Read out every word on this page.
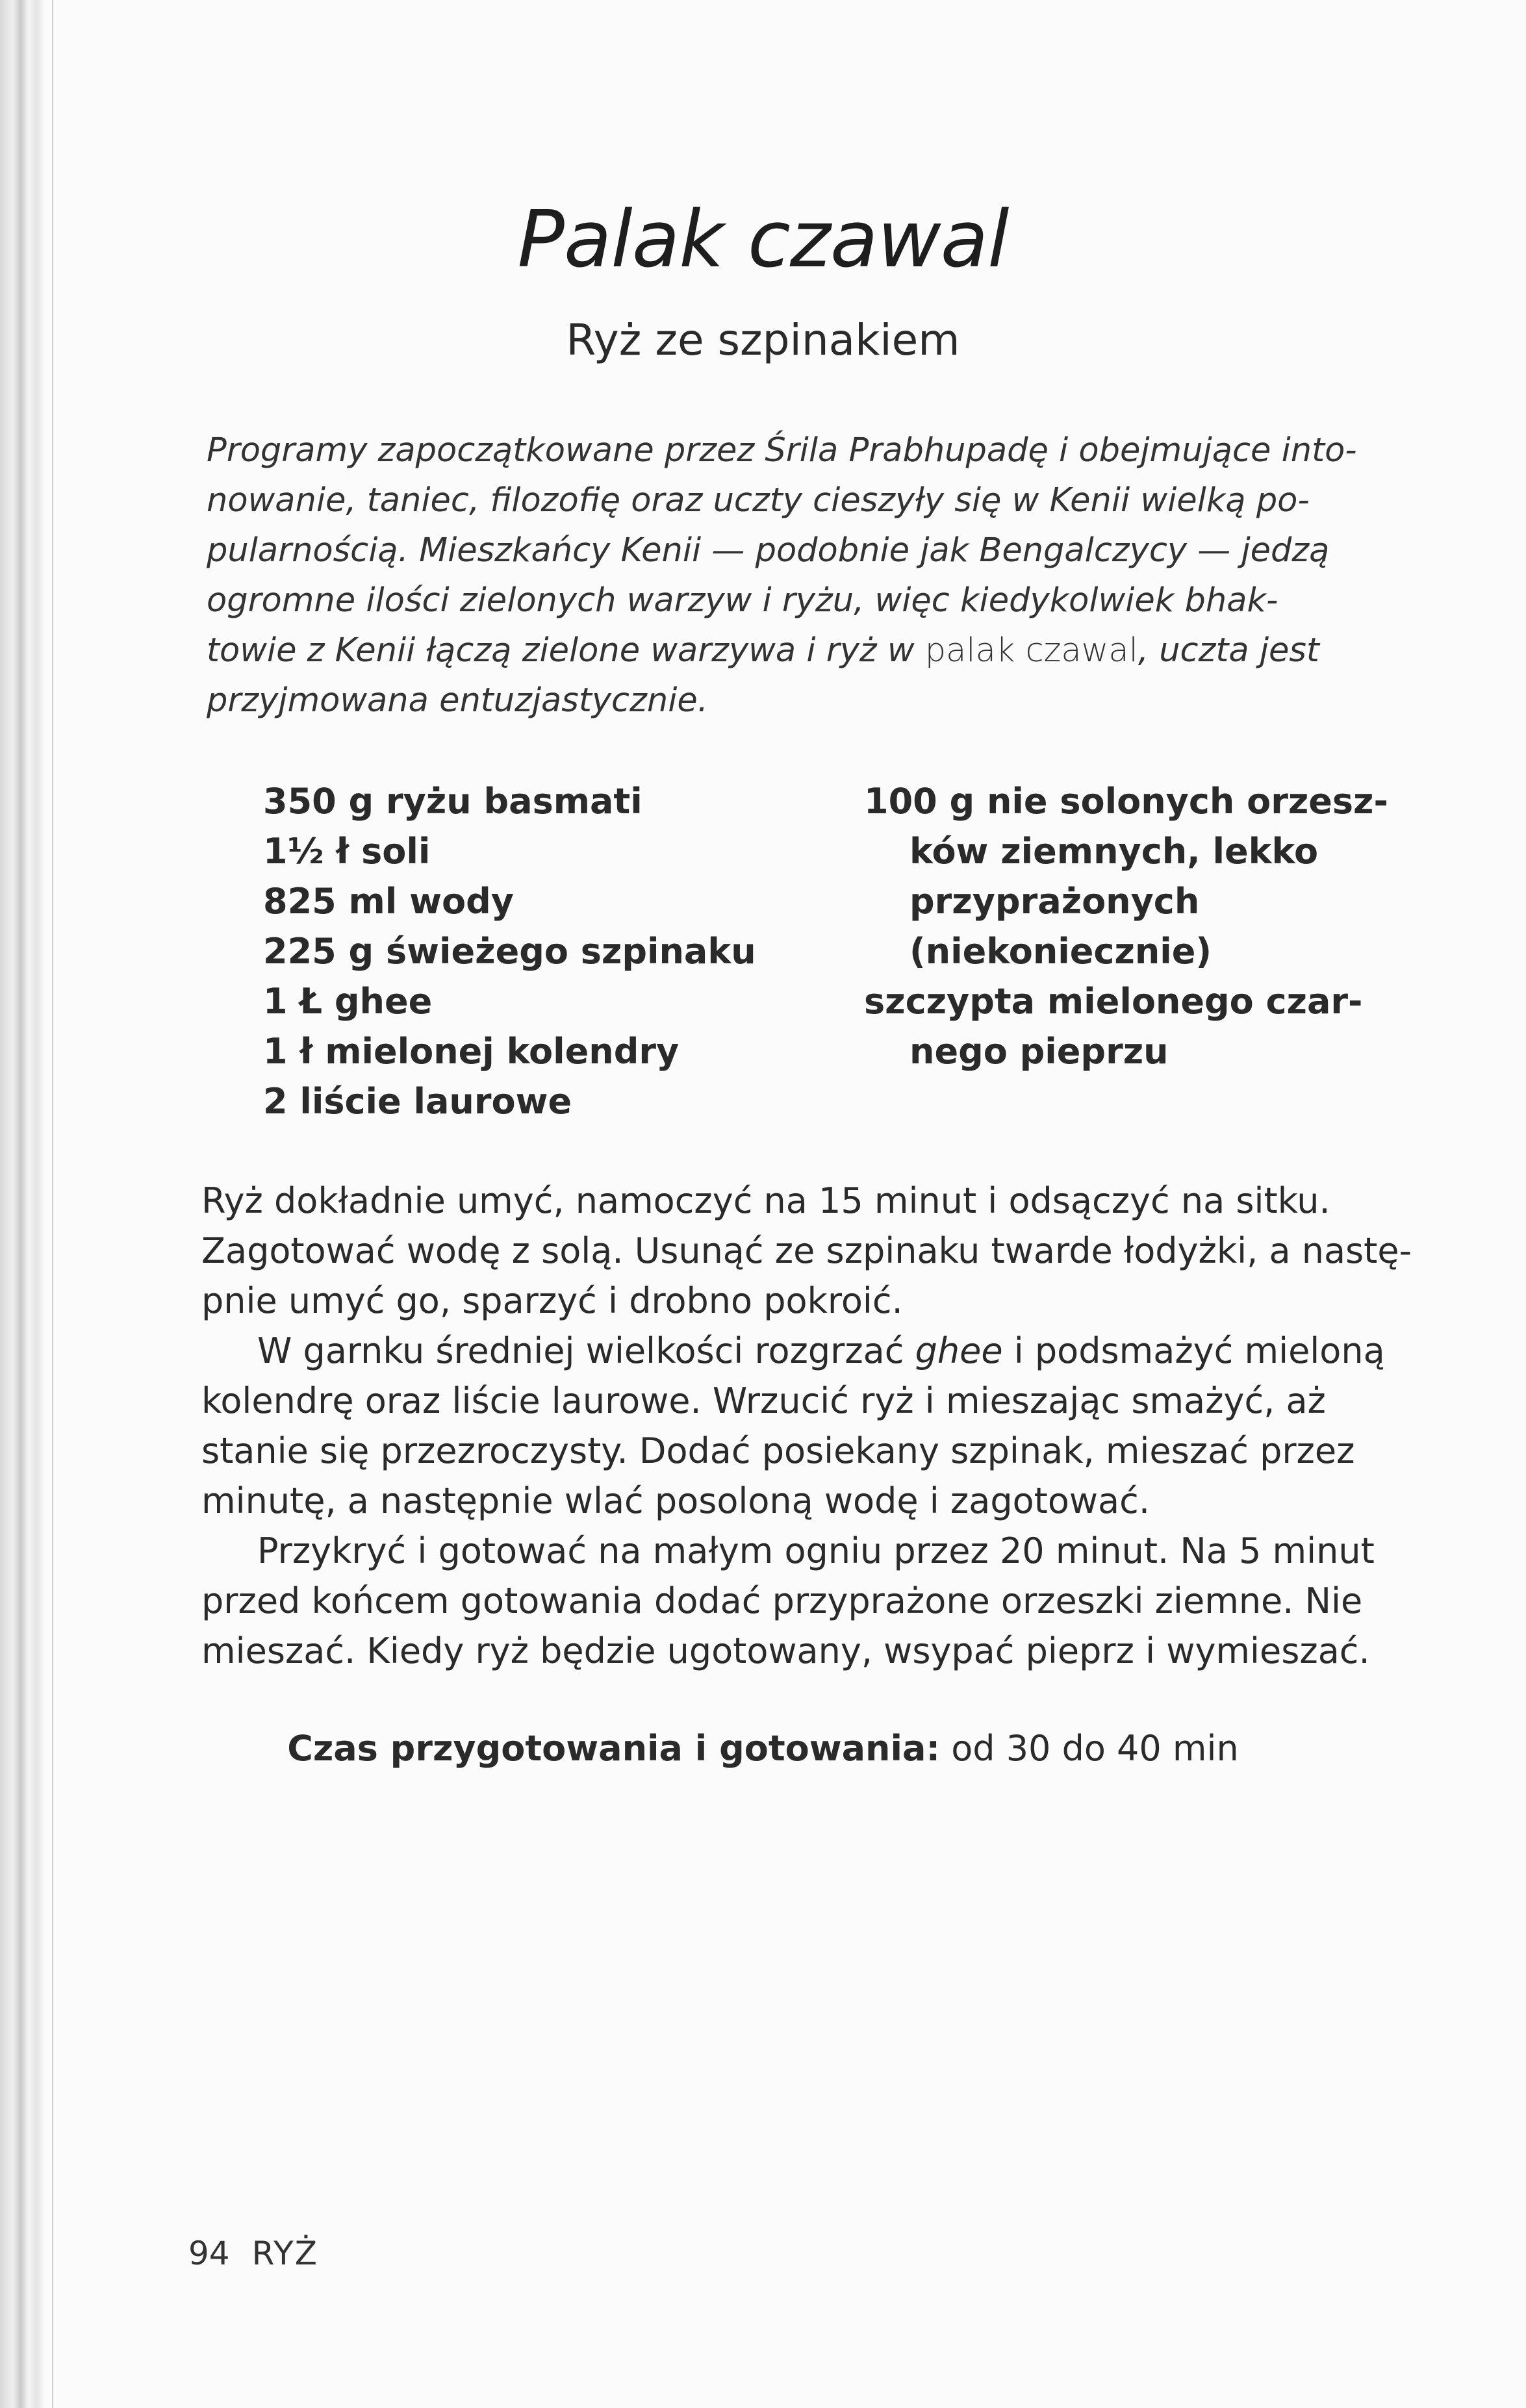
Palak czawal
Ryż ze szpinakiem

Programy zapoczątkowane przez Śrila Prabhupadę i obejmujące into-
nowanie, taniec, filozofię oraz uczty cieszyły się w Kenii wielką po-
pularnością. Mieszkańcy Kenii — podobnie jak Bengalczycy — jedzą
ogromne ilości zielonych warzyw i ryżu, więc kiedykolwiek bhak-
towie z Kenii łączą zielone warzywa i ryż w palak czawal, uczta jest
przyjmowana entuzjastycznie.

350 g ryżu basmati
1½ ł soli
825 ml wody
225 g świeżego szpinaku
1 Ł ghee
1 ł mielonej kolendry
2 liście laurowe
100 g nie solonych orzesz-
ków ziemnych, lekko
przyprażonych
(niekoniecznie)
szczypta mielonego czar-
nego pieprzu
Ryż dokładnie umyć, namoczyć na 15 minut i odsączyć na sitku.
Zagotować wodę z solą. Usunąć ze szpinaku twarde łodyżki, a nastę-
pnie umyć go, sparzyć i drobno pokroić.
W garnku średniej wielkości rozgrzać ghee i podsmażyć mieloną
kolendrę oraz liście laurowe. Wrzucić ryż i mieszając smażyć, aż
stanie się przezroczysty. Dodać posiekany szpinak, mieszać przez
minutę, a następnie wlać posoloną wodę i zagotować.
Przykryć i gotować na małym ogniu przez 20 minut. Na 5 minut
przed końcem gotowania dodać przyprażone orzeszki ziemne. Nie
mieszać. Kiedy ryż będzie ugotowany, wsypać pieprz i wymieszać.
Czas przygotowania i gotowania: od 30 do 40 min
94 RYŻ
